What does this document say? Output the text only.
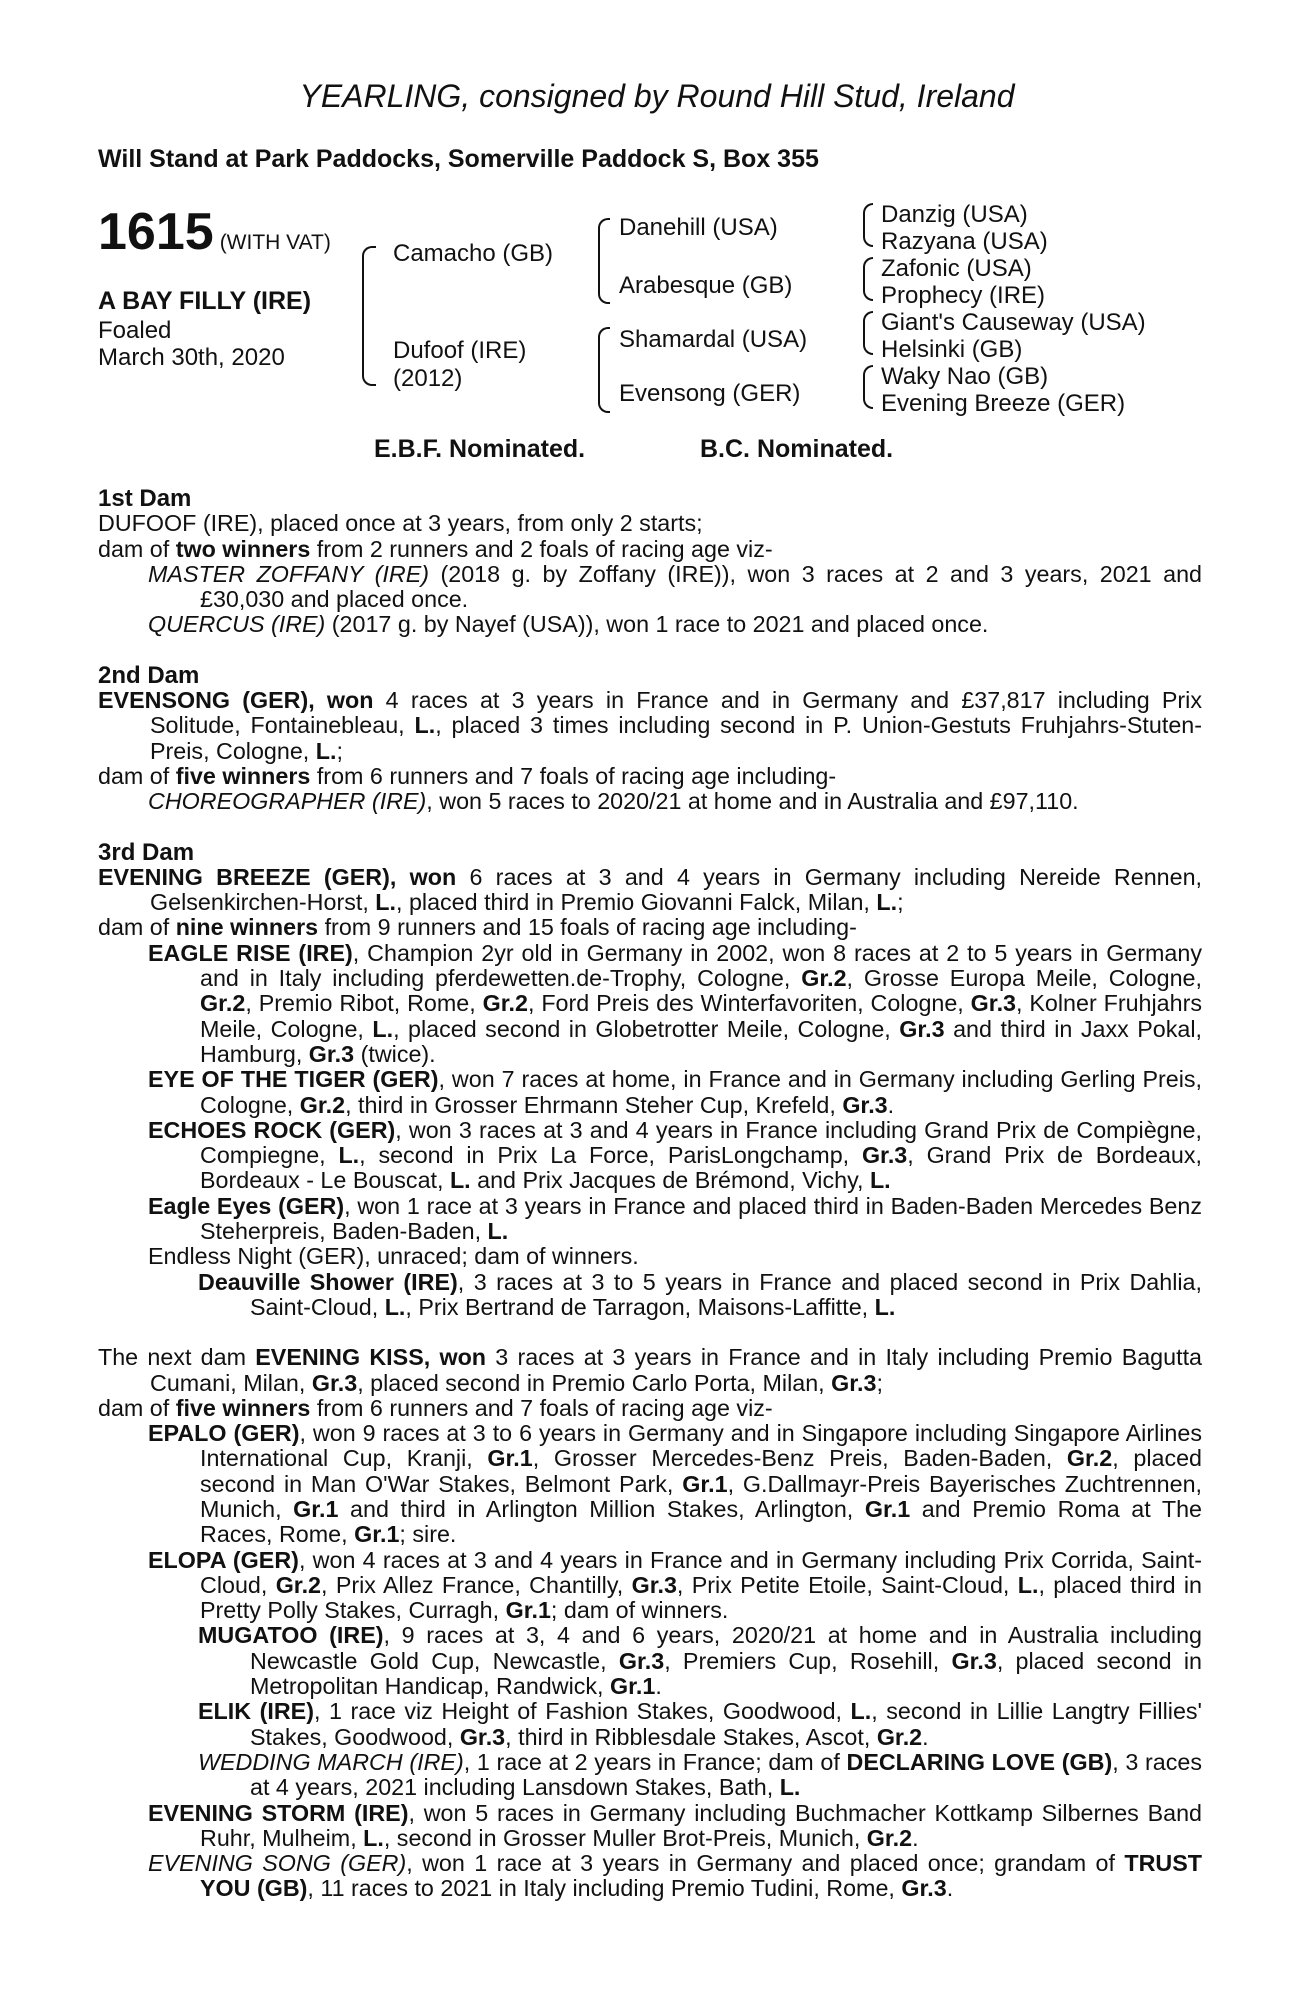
YEARLING, consigned by Round Hill Stud, Ireland
Will Stand at Park Paddocks, Somerville Paddock S, Box 355
1615 (WITH VAT)
A BAY FILLY (IRE)
Foaled
March 30th, 2020
Camacho (GB)
Dufoof (IRE)
(2012)
Danehill (USA)
Arabesque (GB)
Shamardal (USA)
Evensong (GER)
Danzig (USA)
Razyana (USA)
Zafonic (USA)
Prophecy (IRE)
Giant's Causeway (USA)
Helsinki (GB)
Waky Nao (GB)
Evening Breeze (GER)
E.B.F. Nominated.	B.C. Nominated.
1st Dam
DUFOOF (IRE), placed once at 3 years, from only 2 starts;
dam of two winners from 2 runners and 2 foals of racing age viz-
MASTER ZOFFANY (IRE) (2018 g. by Zoffany (IRE)), won 3 races at 2 and 3 years, 2021 and £30,030 and placed once.
QUERCUS (IRE) (2017 g. by Nayef (USA)), won 1 race to 2021 and placed once.
2nd Dam
EVENSONG (GER), won 4 races at 3 years in France and in Germany and £37,817 including Prix Solitude, Fontainebleau, L., placed 3 times including second in P. Union-Gestuts Fruhjahrs-Stuten-Preis, Cologne, L.;
dam of five winners from 6 runners and 7 foals of racing age including-
CHOREOGRAPHER (IRE), won 5 races to 2020/21 at home and in Australia and £97,110.
3rd Dam
EVENING BREEZE (GER), won 6 races at 3 and 4 years in Germany including Nereide Rennen, Gelsenkirchen-Horst, L., placed third in Premio Giovanni Falck, Milan, L.;
dam of nine winners from 9 runners and 15 foals of racing age including-
EAGLE RISE (IRE), Champion 2yr old in Germany in 2002, won 8 races at 2 to 5 years in Germany and in Italy including pferdewetten.de-Trophy, Cologne, Gr.2, Grosse Europa Meile, Cologne, Gr.2, Premio Ribot, Rome, Gr.2, Ford Preis des Winterfavoriten, Cologne, Gr.3, Kolner Fruhjahrs Meile, Cologne, L., placed second in Globetrotter Meile, Cologne, Gr.3 and third in Jaxx Pokal, Hamburg, Gr.3 (twice).
EYE OF THE TIGER (GER), won 7 races at home, in France and in Germany including Gerling Preis, Cologne, Gr.2, third in Grosser Ehrmann Steher Cup, Krefeld, Gr.3.
ECHOES ROCK (GER), won 3 races at 3 and 4 years in France including Grand Prix de Compiègne, Compiegne, L., second in Prix La Force, ParisLongchamp, Gr.3, Grand Prix de Bordeaux, Bordeaux - Le Bouscat, L. and Prix Jacques de Brémond, Vichy, L.
Eagle Eyes (GER), won 1 race at 3 years in France and placed third in Baden-Baden Mercedes Benz Steherpreis, Baden-Baden, L.
Endless Night (GER), unraced; dam of winners.
Deauville Shower (IRE), 3 races at 3 to 5 years in France and placed second in Prix Dahlia, Saint-Cloud, L., Prix Bertrand de Tarragon, Maisons-Laffitte, L.
The next dam EVENING KISS, won 3 races at 3 years in France and in Italy including Premio Bagutta Cumani, Milan, Gr.3, placed second in Premio Carlo Porta, Milan, Gr.3;
dam of five winners from 6 runners and 7 foals of racing age viz-
EPALO (GER), won 9 races at 3 to 6 years in Germany and in Singapore including Singapore Airlines International Cup, Kranji, Gr.1, Grosser Mercedes-Benz Preis, Baden-Baden, Gr.2, placed second in Man O'War Stakes, Belmont Park, Gr.1, G.Dallmayr-Preis Bayerisches Zuchtrennen, Munich, Gr.1 and third in Arlington Million Stakes, Arlington, Gr.1 and Premio Roma at The Races, Rome, Gr.1; sire.
ELOPA (GER), won 4 races at 3 and 4 years in France and in Germany including Prix Corrida, Saint-Cloud, Gr.2, Prix Allez France, Chantilly, Gr.3, Prix Petite Etoile, Saint-Cloud, L., placed third in Pretty Polly Stakes, Curragh, Gr.1; dam of winners.
MUGATOO (IRE), 9 races at 3, 4 and 6 years, 2020/21 at home and in Australia including Newcastle Gold Cup, Newcastle, Gr.3, Premiers Cup, Rosehill, Gr.3, placed second in Metropolitan Handicap, Randwick, Gr.1.
ELIK (IRE), 1 race viz Height of Fashion Stakes, Goodwood, L., second in Lillie Langtry Fillies' Stakes, Goodwood, Gr.3, third in Ribblesdale Stakes, Ascot, Gr.2.
WEDDING MARCH (IRE), 1 race at 2 years in France; dam of DECLARING LOVE (GB), 3 races at 4 years, 2021 including Lansdown Stakes, Bath, L.
EVENING STORM (IRE), won 5 races in Germany including Buchmacher Kottkamp Silbernes Band Ruhr, Mulheim, L., second in Grosser Muller Brot-Preis, Munich, Gr.2.
EVENING SONG (GER), won 1 race at 3 years in Germany and placed once; grandam of TRUST YOU (GB), 11 races to 2021 in Italy including Premio Tudini, Rome, Gr.3.
